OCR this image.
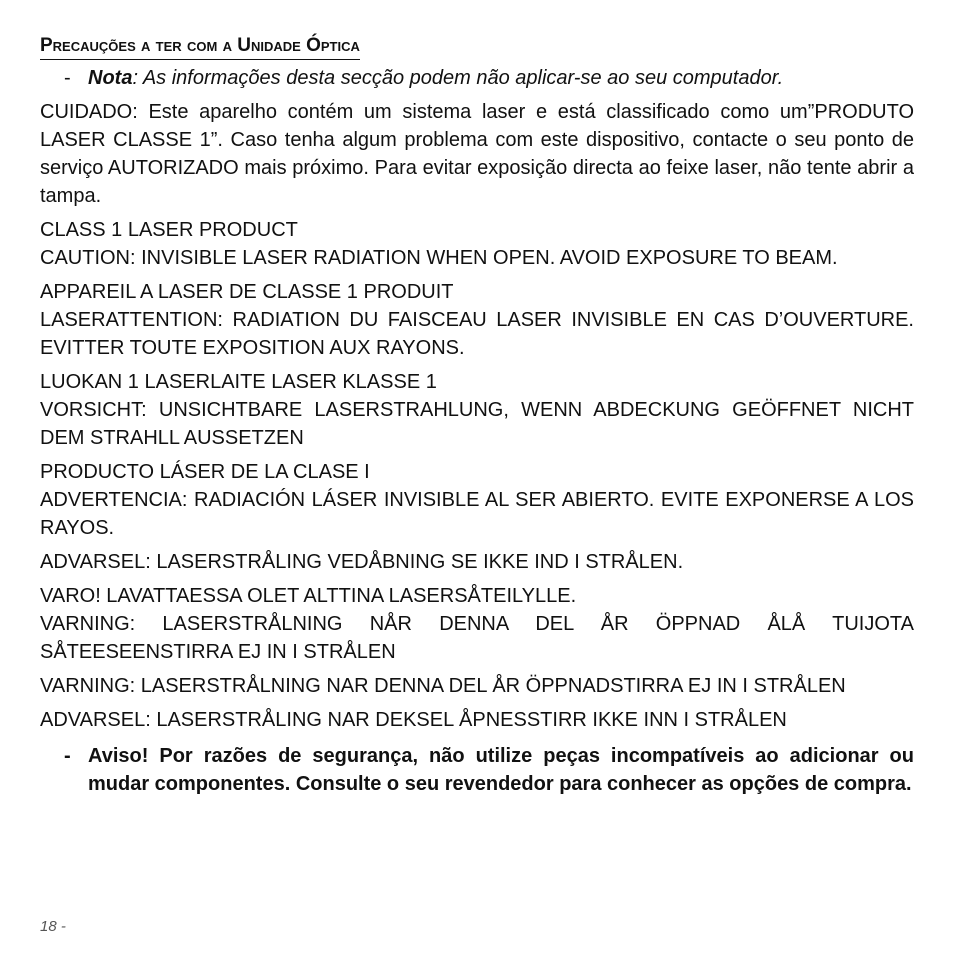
Precauções a ter com a Unidade Óptica
- Nota: As informações desta secção podem não aplicar-se ao seu computador.

CUIDADO: Este aparelho contém um sistema laser e está classificado como um”PRODUTO LASER CLASSE 1”. Caso tenha algum problema com este dispositivo, contacte o seu ponto de serviço AUTORIZADO mais próximo. Para evitar exposição directa ao feixe laser, não tente abrir a tampa.

CLASS 1 LASER PRODUCT

CAUTION: INVISIBLE LASER RADIATION WHEN OPEN. AVOID EXPOSURE TO BEAM.

APPAREIL A LASER DE CLASSE 1 PRODUIT

LASERATTENTION: RADIATION DU FAISCEAU LASER INVISIBLE EN CAS D’OUVERTURE. EVITTER TOUTE EXPOSITION AUX RAYONS.

LUOKAN 1 LASERLAITE LASER KLASSE 1

VORSICHT: UNSICHTBARE LASERSTRAHLUNG, WENN ABDECKUNG GEÖFFNET NICHT DEM STRAHLL AUSSETZEN

PRODUCTO LÁSER DE LA CLASE I

ADVERTENCIA: RADIACIÓN LÁSER INVISIBLE AL SER ABIERTO. EVITE EXPONERSE A LOS RAYOS.

ADVARSEL: LASERSTRÅLING VEDÅBNING SE IKKE IND I STRÅLEN.

VARO! LAVATTAESSA OLET ALTTINA LASERSÅTEILYLLE.

VARNING: LASERSTRÅLNING NÅR DENNA DEL ÅR ÖPPNAD ÅLÅ TUIJOTA SÅTEESEENSTIRRA EJ IN I STRÅLEN

VARNING: LASERSTRÅLNING NAR DENNA DEL ÅR ÖPPNADSTIRRA EJ IN I STRÅLEN

ADVARSEL: LASERSTRÅLING NAR DEKSEL ÅPNESSTIRR IKKE INN I STRÅLEN

- Aviso! Por razões de segurança, não utilize peças incompatíveis ao adicionar ou mudar componentes. Consulte o seu revendedor para conhecer as opções de compra.
18 -
